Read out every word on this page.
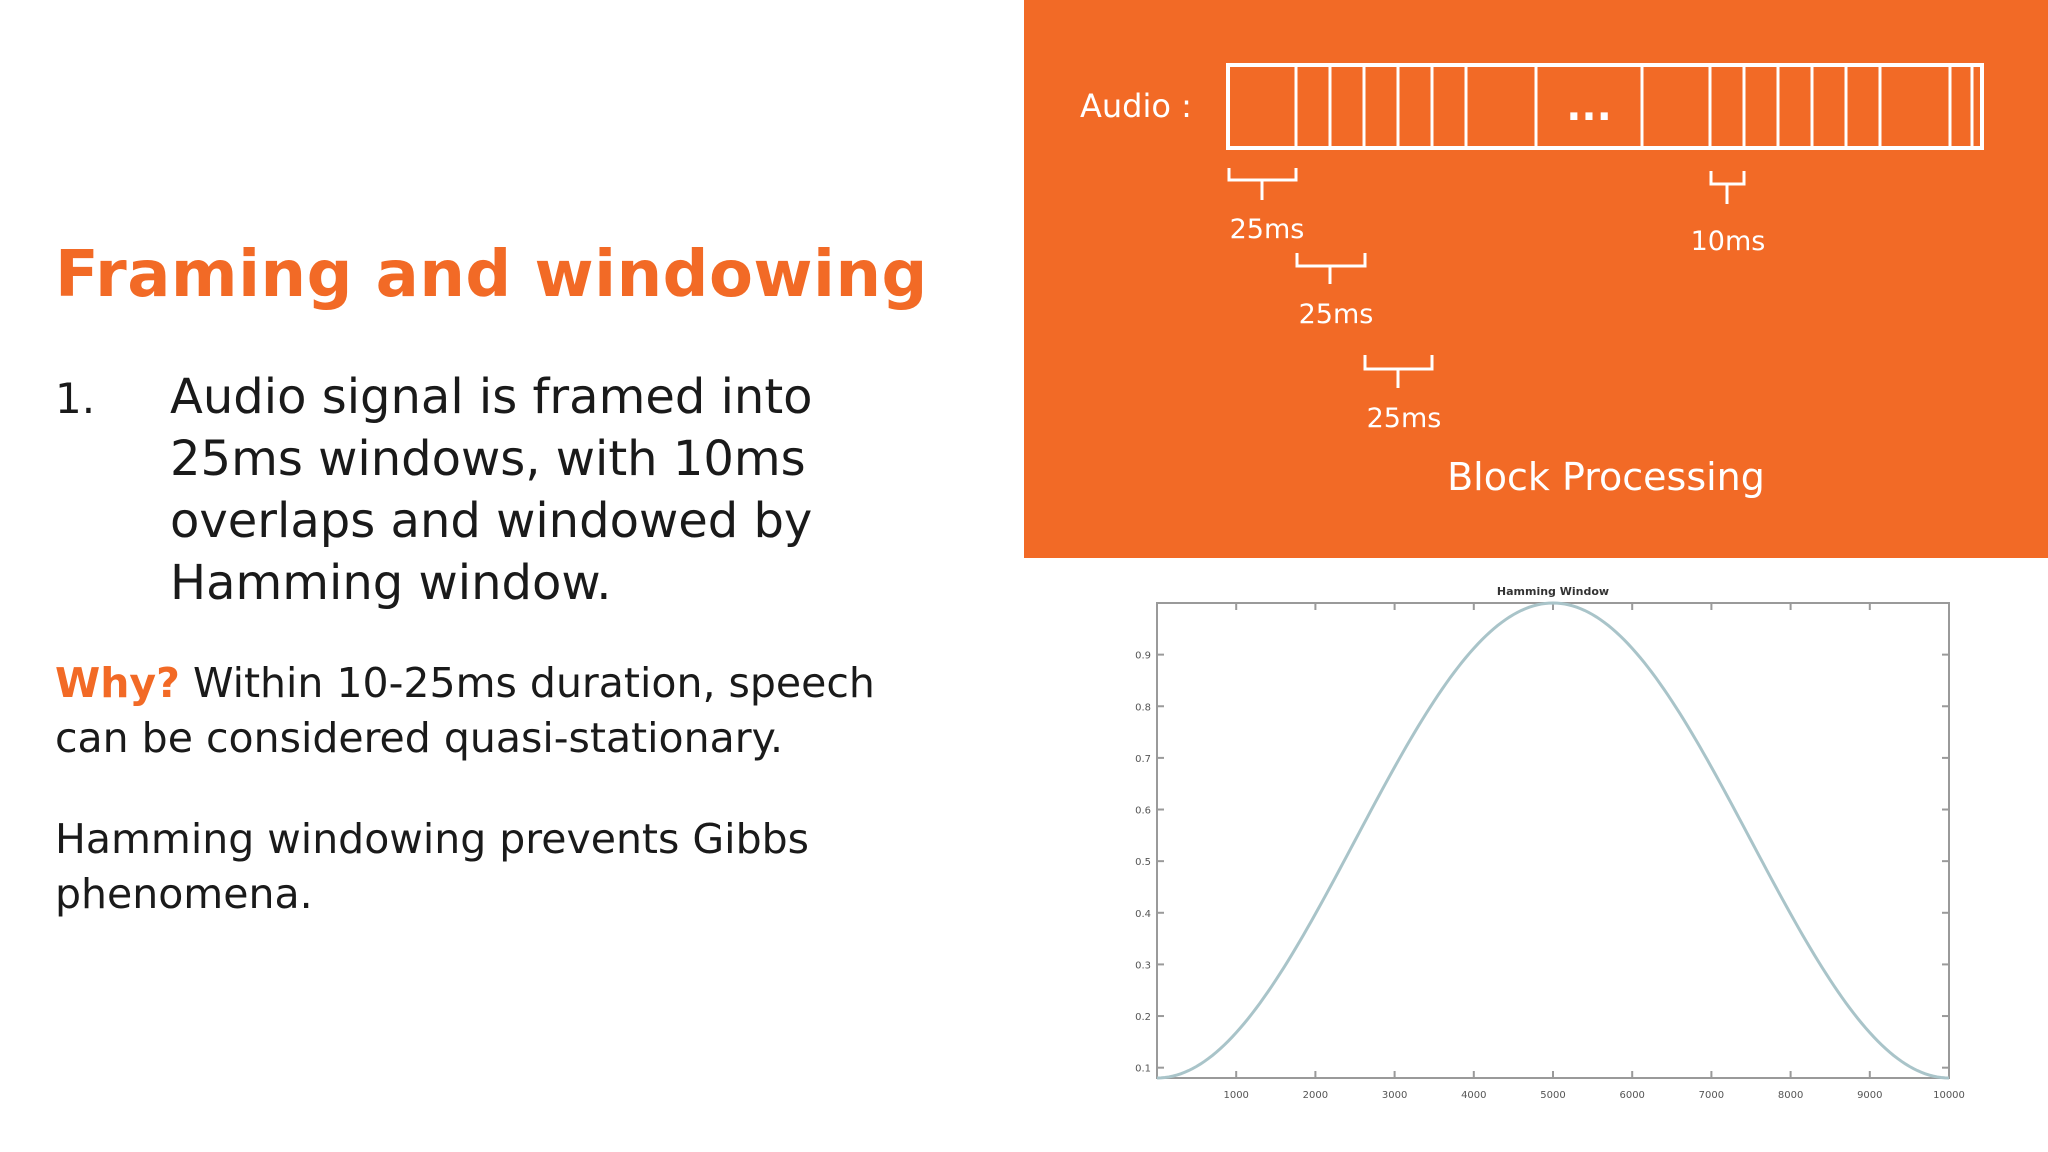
Framing and windowing
1. Audio signal is framed into 25ms windows, with 10ms overlaps and windowed by Hamming window.
Why? Within 10-25ms duration, speech can be considered quasi-stationary.
Hamming windowing prevents Gibbs phenomena.
Audio :	...
25ms
25ms
25ms
10ms
Block Processing
Hamming Window
1000	2000	3000	4000	5000	6000	7000	8000	9000	10000
0.1
0.2
0.3
0.4
0.5
0.6
0.7
0.8
0.9
